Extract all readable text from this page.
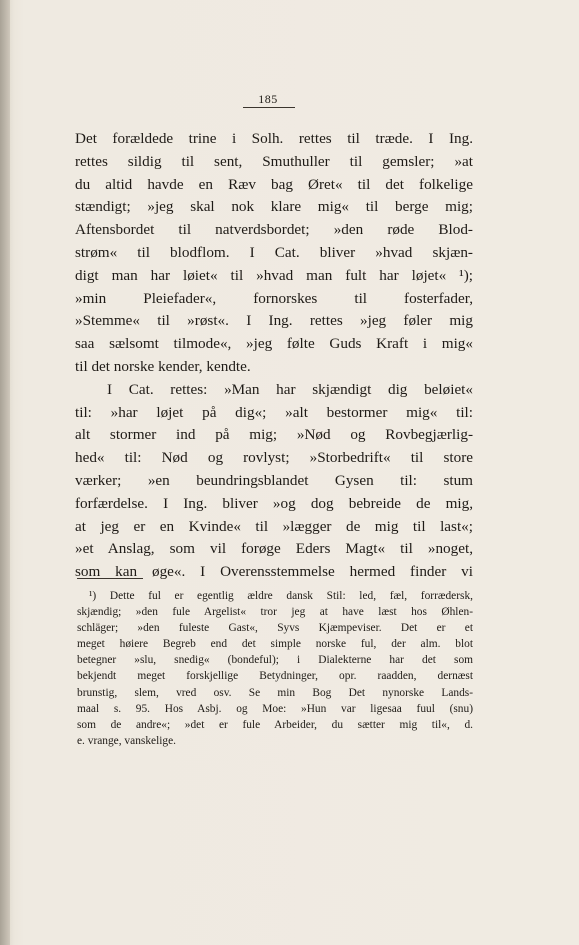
185
Det forældede trine i Solh. rettes til træde. I Ing.
rettes sildig til sent, Smuthuller til gemsler; »at
du altid havde en Ræv bag Øret« til det folkelige
stændigt; »jeg skal nok klare mig« til berge mig;
Aftensbordet til natverdsbordet; »den røde Blod-
strøm« til blodflom. I Cat. bliver »hvad skjæn-
digt man har løiet« til »hvad man fult har løjet« ¹);
»min Pleiefader«, fornorskes til fosterfader,
»Stemme« til »røst«. I Ing. rettes »jeg føler mig
saa sælsomt tilmode«, »jeg følte Guds Kraft i mig«
til det norske kender, kendte.
I Cat. rettes: »Man har skjændigt dig beløiet«
til: »har løjet på dig«; »alt bestormer mig« til:
alt stormer ind på mig; »Nød og Rovbegjærlig-
hed« til: Nød og rovlyst; »Storbedrift« til store
værker; »en beundringsblandet Gysen til: stum
forfærdelse. I Ing. bliver »og dog bebreide de mig,
at jeg er en Kvinde« til »lægger de mig til last«;
»et Anslag, som vil forøge Eders Magt« til »noget,
som kan øge«. I Overensstemmelse hermed finder vi
¹) Dette ful er egentlig ældre dansk Stil: led, fæl, forrædersk,
skjændig; »den fule Argelist« tror jeg at have læst hos Øhlen-
schläger; »den fuleste Gast«, Syvs Kjæmpeviser. Det er et
meget høiere Begreb end det simple norske ful, der alm. blot
betegner »slu, snedig« (bondeful); i Dialekterne har det som
bekjendt meget forskjellige Betydninger, opr. raadden, dernæst
brunstig, slem, vred osv. Se min Bog Det nynorske Lands-
maal s. 95. Hos Asbj. og Moe: »Hun var ligesaa fuul (snu)
som de andre«; »det er fule Arbeider, du sætter mig til«, d.
e. vrange, vanskelige.
